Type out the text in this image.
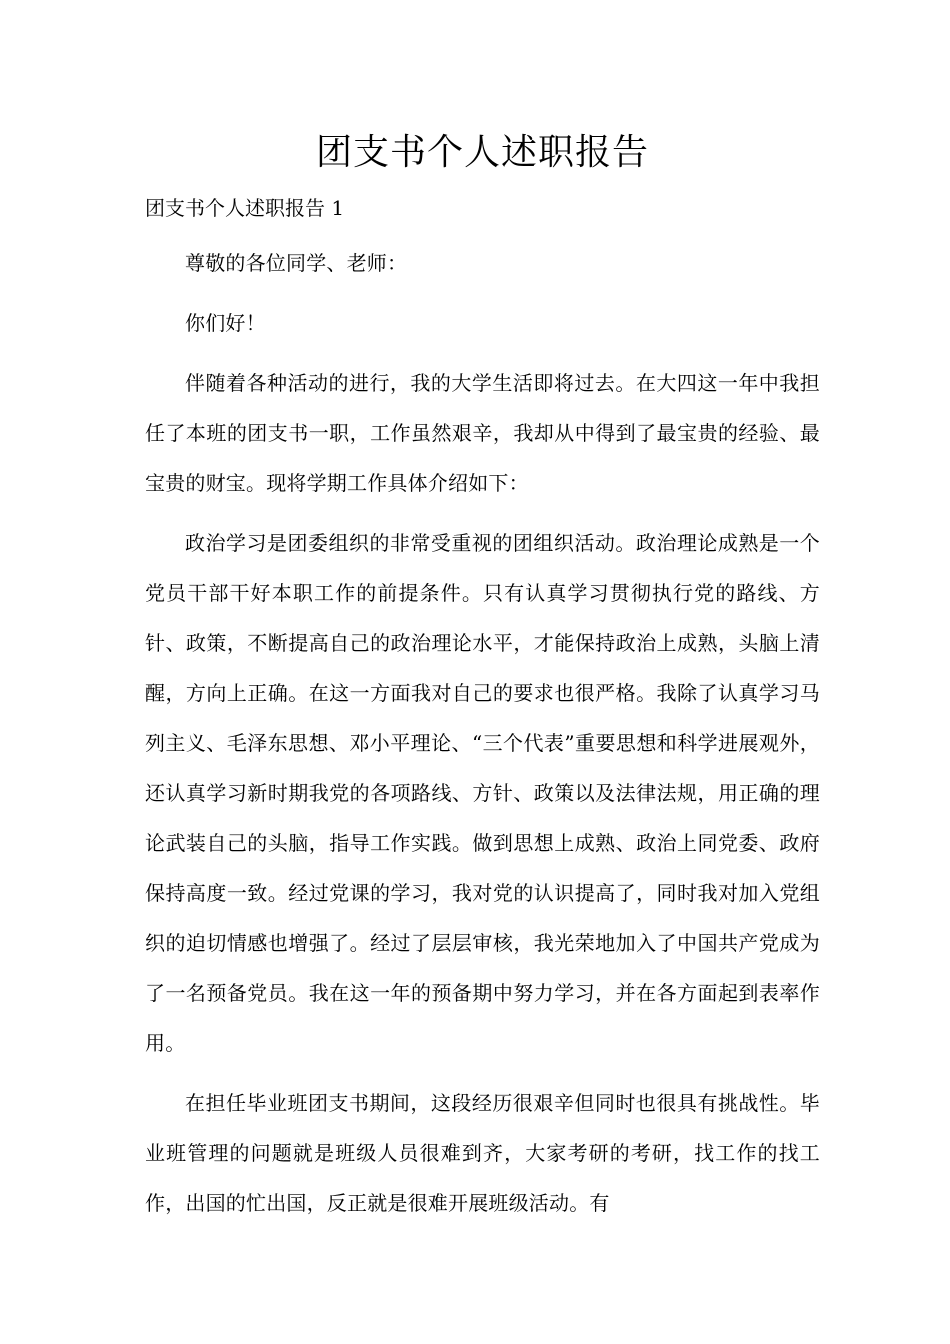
团支书个人述职报告
团支书个人述职报告 1

尊敬的各位同学、老师：

你们好！

伴随着各种活动的进行，我的大学生活即将过去。在大四这一年中我担任了本班的团支书一职，工作虽然艰辛，我却从中得到了最宝贵的经验、最宝贵的财宝。现将学期工作具体介绍如下：

政治学习是团委组织的非常受重视的团组织活动。政治理论成熟是一个党员干部干好本职工作的前提条件。只有认真学习贯彻执行党的路线、方针、政策，不断提高自己的政治理论水平，才能保持政治上成熟，头脑上清醒，方向上正确。在这一方面我对自己的要求也很严格。我除了认真学习马列主义、毛泽东思想、邓小平理论、“三个代表”重要思想和科学进展观外，还认真学习新时期我党的各项路线、方针、政策以及法律法规，用正确的理论武装自己的头脑，指导工作实践。做到思想上成熟、政治上同党委、政府保持高度一致。经过党课的学习，我对党的认识提高了，同时我对加入党组织的迫切情感也增强了。经过了层层审核，我光荣地加入了中国共产党成为了一名预备党员。我在这一年的预备期中努力学习，并在各方面起到表率作用。

在担任毕业班团支书期间，这段经历很艰辛但同时也很具有挑战性。毕业班管理的问题就是班级人员很难到齐，大家考研的考研，找工作的找工作，出国的忙出国，反正就是很难开展班级活动。有
